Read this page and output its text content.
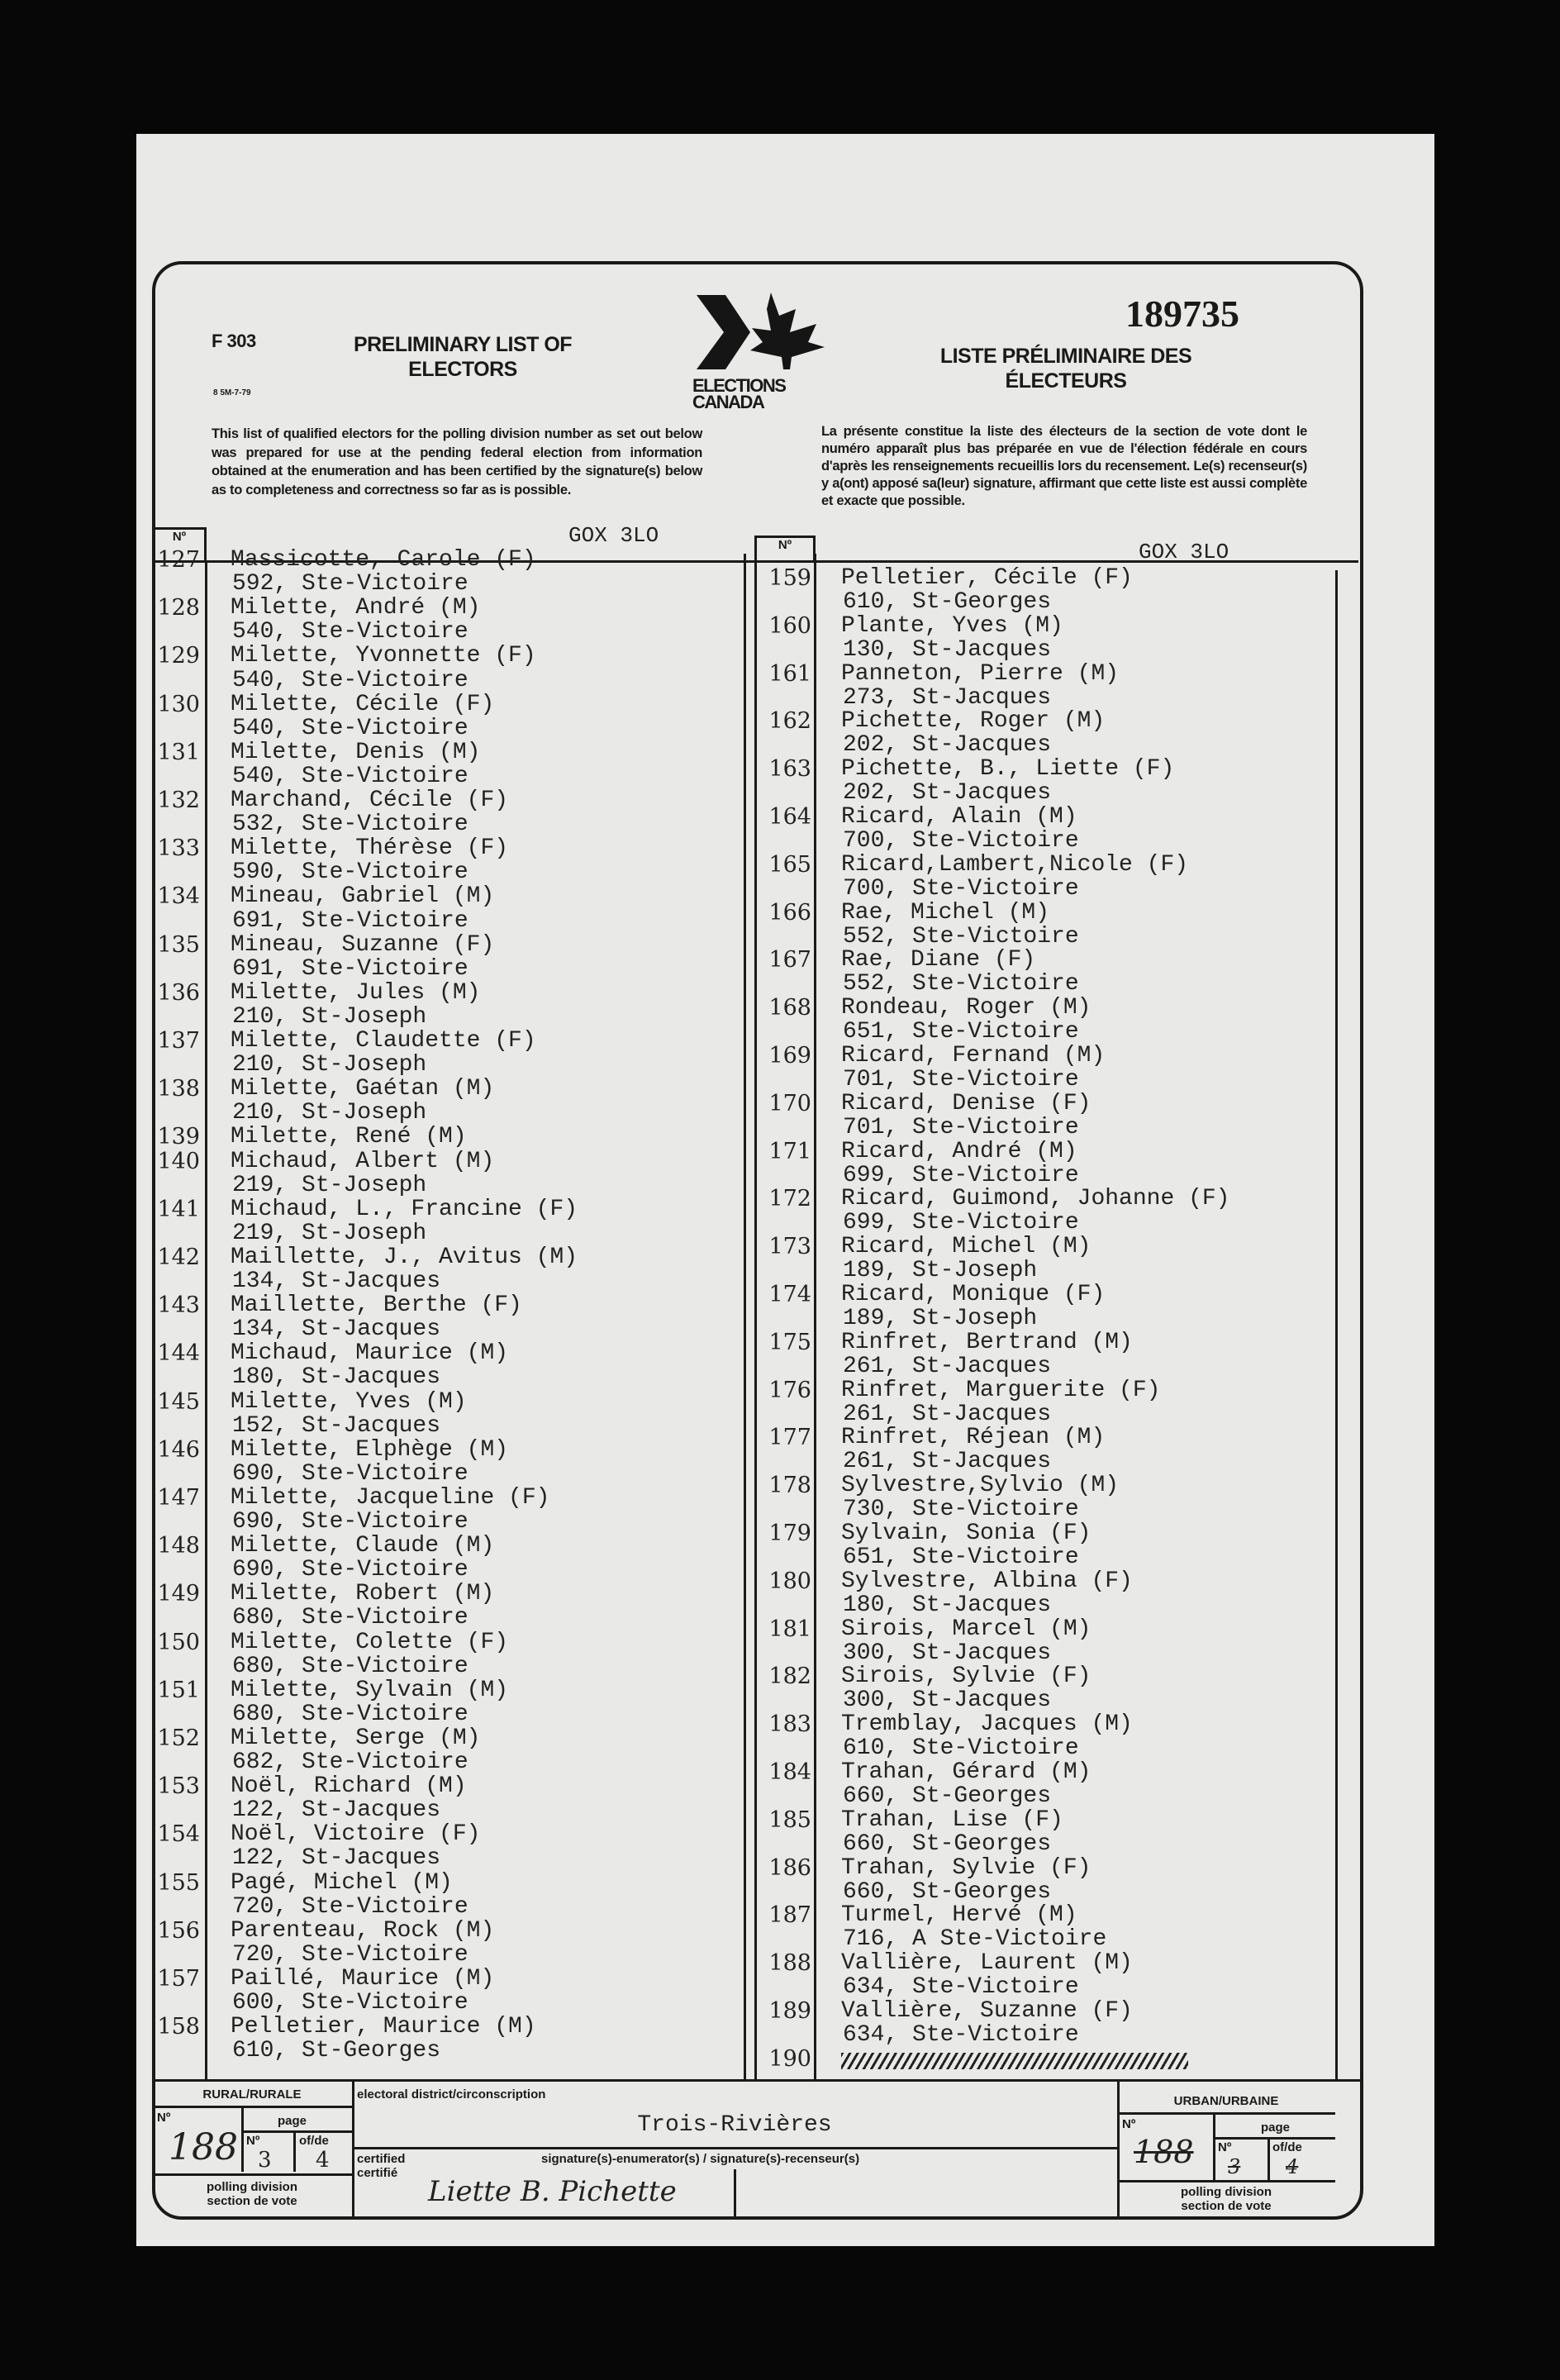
F 303
8 5M-7-79
PRELIMINARY LIST OF ELECTORS
ELECTIONS
CANADA
189735
LISTE PRÉLIMINAIRE DES ÉLECTEURS
This list of qualified electors for the polling division number as set out below was prepared for use at the pending federal election from information obtained at the enumeration and has been certified by the signature(s) below as to completeness and correctness so far as is possible.
La présente constitue la liste des électeurs de la section de vote dont le numéro apparaît plus bas préparée en vue de l'élection fédérale en cours d'après les renseignements recueillis lors du recensement. Le(s) recenseur(s) y a(ont) apposé sa(leur) signature, affirmant que cette liste est aussi complète et exacte que possible.
Nº
Nº
GOX 3LO
GOX 3LO
127 Massicotte, Carole (F)
592, Ste-Victoire
128 Milette, André (M)
540, Ste-Victoire
129 Milette, Yvonnette (F)
540, Ste-Victoire
130 Milette, Cécile (F)
540, Ste-Victoire
131 Milette, Denis (M)
540, Ste-Victoire
132 Marchand, Cécile (F)
532, Ste-Victoire
133 Milette, Thérèse (F)
590, Ste-Victoire
134 Mineau, Gabriel (M)
691, Ste-Victoire
135 Mineau, Suzanne (F)
691, Ste-Victoire
136 Milette, Jules (M)
210, St-Joseph
137 Milette, Claudette (F)
210, St-Joseph
138 Milette, Gaétan (M)
210, St-Joseph
139 Milette, René (M)
140 Michaud, Albert (M)
219, St-Joseph
141 Michaud, L., Francine (F)
219, St-Joseph
142 Maillette, J., Avitus (M)
134, St-Jacques
143 Maillette, Berthe (F)
134, St-Jacques
144 Michaud, Maurice (M)
180, St-Jacques
145 Milette, Yves (M)
152, St-Jacques
146 Milette, Elphège (M)
690, Ste-Victoire
147 Milette, Jacqueline (F)
690, Ste-Victoire
148 Milette, Claude (M)
690, Ste-Victoire
149 Milette, Robert (M)
680, Ste-Victoire
150 Milette, Colette (F)
680, Ste-Victoire
151 Milette, Sylvain (M)
680, Ste-Victoire
152 Milette, Serge (M)
682, Ste-Victoire
153 Noël, Richard (M)
122, St-Jacques
154 Noël, Victoire (F)
122, St-Jacques
155 Pagé, Michel (M)
720, Ste-Victoire
156 Parenteau, Rock (M)
720, Ste-Victoire
157 Paillé, Maurice (M)
600, Ste-Victoire
158 Pelletier, Maurice (M)
610, St-Georges
159 Pelletier, Cécile (F)
610, St-Georges
160 Plante, Yves (M)
130, St-Jacques
161 Panneton, Pierre (M)
273, St-Jacques
162 Pichette, Roger (M)
202, St-Jacques
163 Pichette, B., Liette (F)
202, St-Jacques
164 Ricard, Alain (M)
700, Ste-Victoire
165 Ricard,Lambert,Nicole (F)
700, Ste-Victoire
166 Rae, Michel (M)
552, Ste-Victoire
167 Rae, Diane (F)
552, Ste-Victoire
168 Rondeau, Roger (M)
651, Ste-Victoire
169 Ricard, Fernand (M)
701, Ste-Victoire
170 Ricard, Denise (F)
701, Ste-Victoire
171 Ricard, André (M)
699, Ste-Victoire
172 Ricard, Guimond, Johanne (F)
699, Ste-Victoire
173 Ricard, Michel (M)
189, St-Joseph
174 Ricard, Monique (F)
189, St-Joseph
175 Rinfret, Bertrand (M)
261, St-Jacques
176 Rinfret, Marguerite (F)
261, St-Jacques
177 Rinfret, Réjean (M)
261, St-Jacques
178 Sylvestre,Sylvio (M)
730, Ste-Victoire
179 Sylvain, Sonia (F)
651, Ste-Victoire
180 Sylvestre, Albina (F)
180, St-Jacques
181 Sirois, Marcel (M)
300, St-Jacques
182 Sirois, Sylvie (F)
300, St-Jacques
183 Tremblay, Jacques (M)
610, Ste-Victoire
184 Trahan, Gérard (M)
660, St-Georges
185 Trahan, Lise (F)
660, St-Georges
186 Trahan, Sylvie (F)
660, St-Georges
187 Turmel, Hervé (M)
716, A Ste-Victoire
188 Vallière, Laurent (M)
634, Ste-Victoire
189 Vallière, Suzanne (F)
634, Ste-Victoire
190
RURAL/RURALE
Nº	page
Nº	of/de
188 3 4
polling division
section de vote
electoral district/circonscription
Trois-Rivières
certified
certifié
signature(s)-enumerator(s) / signature(s)-recenseur(s)
Liette B. Pichette
URBAN/URBAINE
Nº	page
Nº	of/de
188 3 4
polling division
section de vote
